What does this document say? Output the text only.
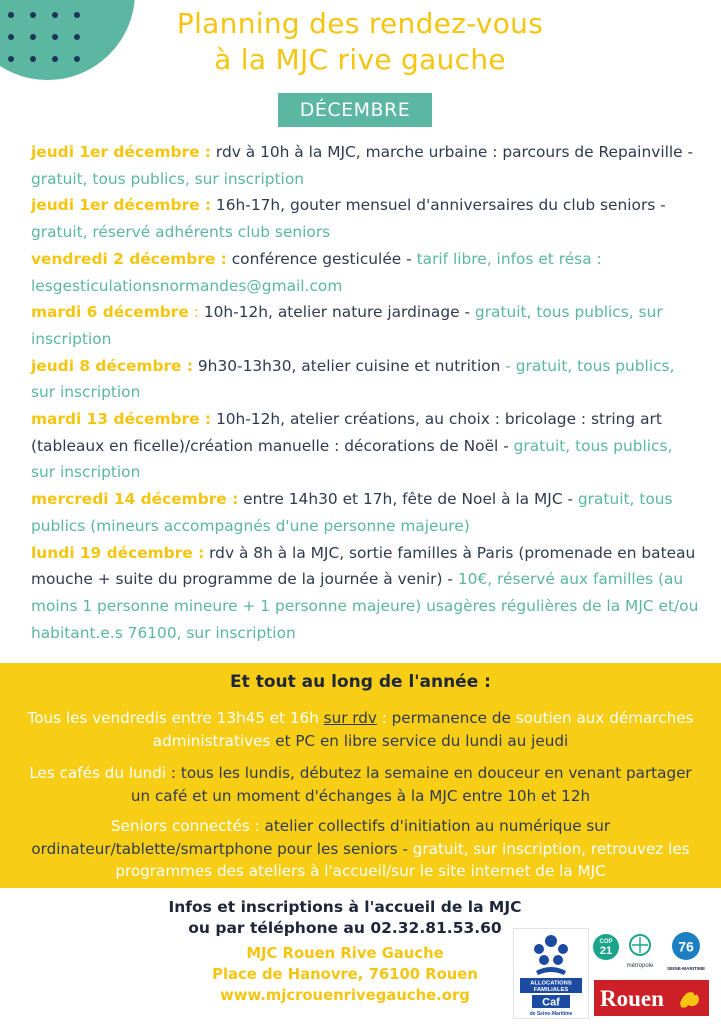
Planning des rendez-vous
à la MJC rive gauche
DÉCEMBRE

jeudi 1er décembre : rdv à 10h à la MJC, marche urbaine : parcours de Repainville - gratuit, tous publics, sur inscription

jeudi 1er décembre : 16h-17h, gouter mensuel d'anniversaires du club seniors - gratuit, réservé adhérents club seniors

vendredi 2 décembre : conférence gesticulée - tarif libre, infos et résa : lesgesticulationsnormandes@gmail.com

mardi 6 décembre : 10h-12h, atelier nature jardinage - gratuit, tous publics, sur inscription

jeudi 8 décembre : 9h30-13h30, atelier cuisine et nutrition - gratuit, tous publics, sur inscription

mardi 13 décembre : 10h-12h, atelier créations, au choix : bricolage : string art (tableaux en ficelle)/création manuelle : décorations de Noël - gratuit, tous publics, sur inscription

mercredi 14 décembre : entre 14h30 et 17h, fête de Noel à la MJC - gratuit, tous publics (mineurs accompagnés d'une personne majeure)

lundi 19 décembre : rdv à 8h à la MJC, sortie familles à Paris (promenade en bateau mouche + suite du programme de la journée à venir) - 10€, réservé aux familles (au moins 1 personne mineure + 1 personne majeure) usagères régulières de la MJC et/ou habitant.e.s 76100, sur inscription

Et tout au long de l'année :

Tous les vendredis entre 13h45 et 16h sur rdv : permanence de soutien aux démarches administratives et PC en libre service du lundi au jeudi

Les cafés du lundi : tous les lundis, débutez la semaine en douceur en venant partager un café et un moment d'échanges à la MJC entre 10h et 12h

Seniors connectés : atelier collectifs d'initiation au numérique sur ordinateur/tablette/smartphone pour les seniors - gratuit, sur inscription, retrouvez les programmes des ateliers à l'accueil/sur le site internet de la MJC

Infos et inscriptions à l'accueil de la MJC
ou par téléphone au 02.32.81.53.60
MJC Rouen Rive Gauche
Place de Hanovre, 76100 Rouen
www.mjcrouenrivegauche.org
ALLOCATIONS
FAMILIALES
Caf
de Seine-Maritime
COP
21
métropole
76
SEINE-MARITIME
Rouen
